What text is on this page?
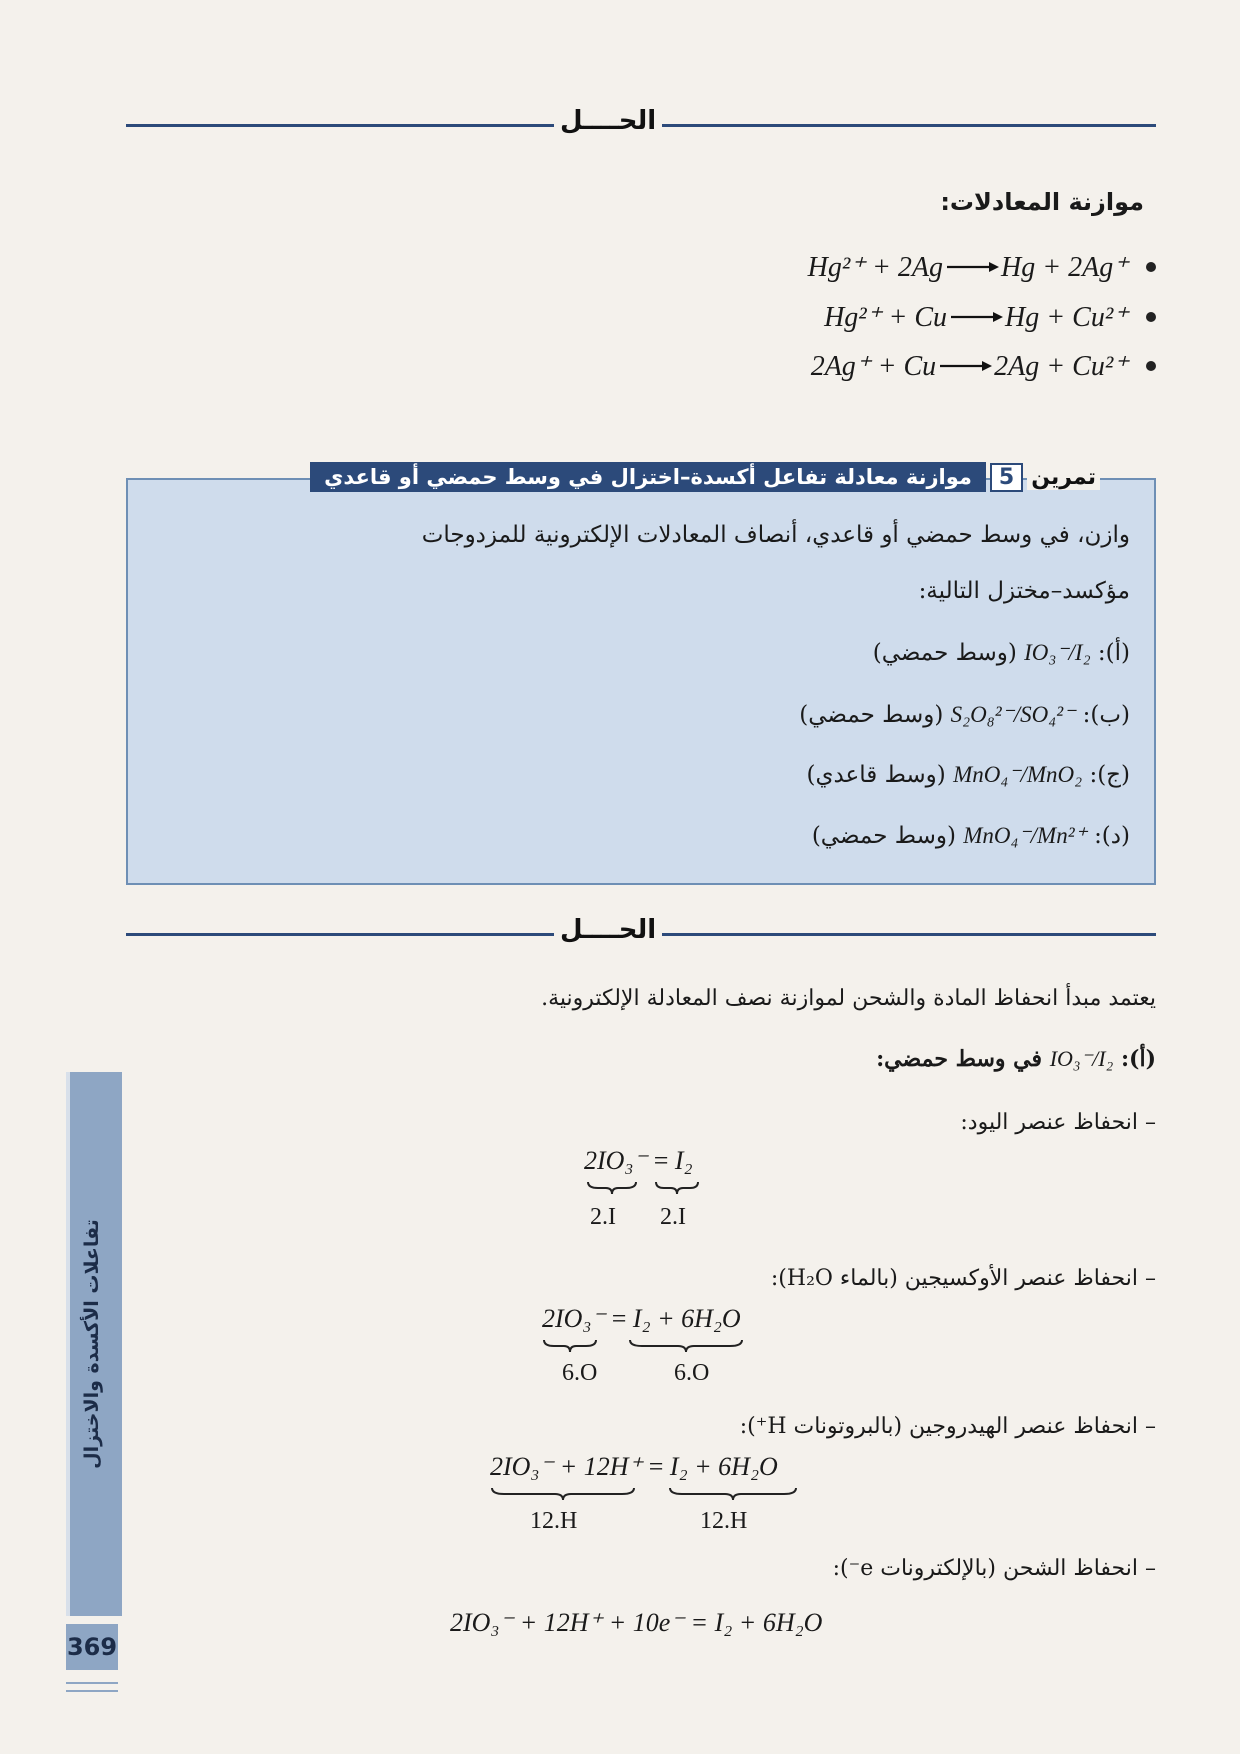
الحــــل
موازنة المعادلات:
Hg²⁺ + 2Ag Hg + 2Ag⁺
Hg²⁺ + Cu Hg + Cu²⁺
2Ag⁺ + Cu 2Ag + Cu²⁺
تمرين
5
موازنة معادلة تفاعل أكسدة–اختزال في وسط حمضي أو قاعدي
وازن، في وسط حمضي أو قاعدي، أنصاف المعادلات الإلكترونية للمزدوجات
مؤكسد–مختزل التالية:
(أ): IO₃⁻/I₂ (وسط حمضي)
(ب): S₂O₈²⁻/SO₄²⁻ (وسط حمضي)
(ج): MnO₄⁻/MnO₂ (وسط قاعدي)
(د): MnO₄⁻/Mn²⁺ (وسط حمضي)
الحــــل
يعتمد مبدأ انحفاظ المادة والشحن لموازنة نصف المعادلة الإلكترونية.
(أ): IO₃⁻/I₂ في وسط حمضي:
– انحفاظ عنصر اليود:
2IO₃⁻ = I₂
2.I 2.I
– انحفاظ عنصر الأوكسيجين (بالماء H₂O):
2IO₃⁻ = I₂ + 6H₂O
6.O	6.O
– انحفاظ عنصر الهيدروجين (بالبروتونات H⁺):
2IO₃⁻ + 12H⁺ = I₂ + 6H₂O
12.H	12.H
– انحفاظ الشحن (بالإلكترونات e⁻):
2IO₃⁻ + 12H⁺ + 10e⁻ = I₂ + 6H₂O
تفاعلات الأكسدة والاختزال
369
